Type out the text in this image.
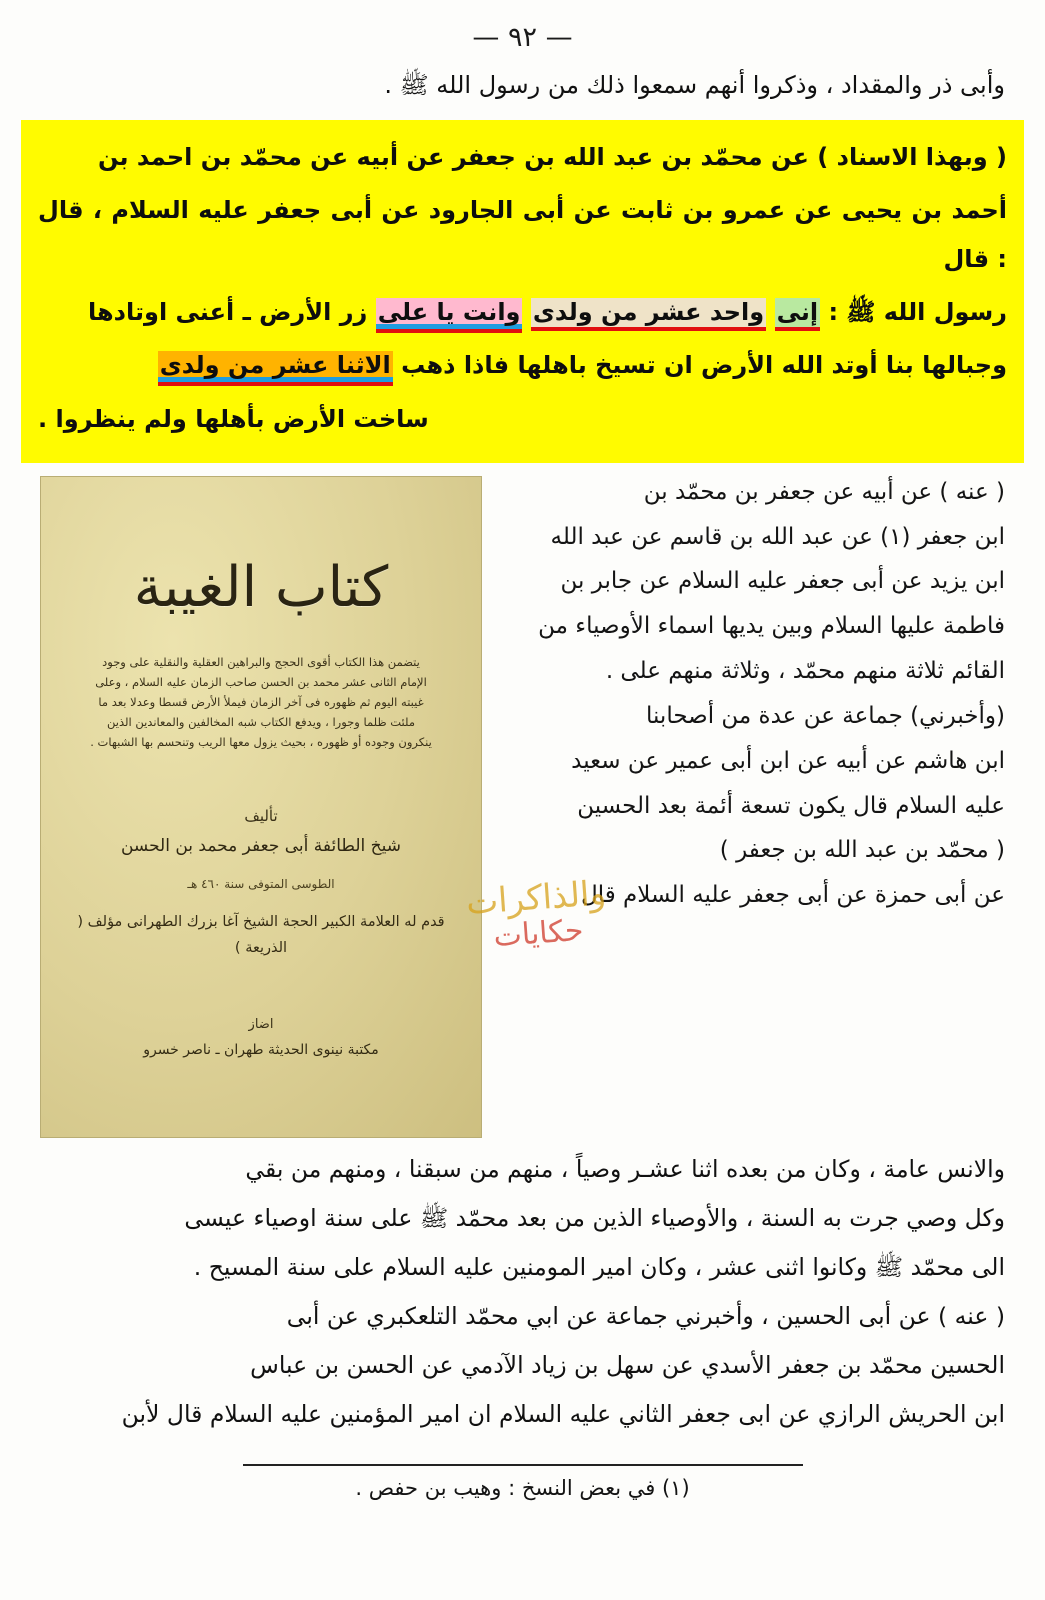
— ٩٢ —
وأبى ذر والمقداد ، وذكروا أنهم سمعوا ذلك من رسول الله ﷺ .

( وبهذا الاسناد ) عن محمّد بن عبد الله بن جعفر عن أبيه عن محمّد بن احمد بن

أحمد بن يحيى عن عمرو بن ثابت عن أبى الجارود عن أبى جعفر عليه السلام ، قال : قال

رسول الله ﷺ : إنى واحد عشر من ولدى وانت يا على زر الأرض ـ أعنى اوتادها

وجبالها بنا أوتد الله الأرض ان تسيخ باهلها فاذا ذهب الاثنا عشر من ولدى

ساخت الأرض بأهلها ولم ينظروا .

كتاب الغيبة
يتضمن هذا الكتاب أقوى الحجج والبراهين العقلية والنقلية على وجود الإمام الثانى عشر محمد بن الحسن صاحب الزمان عليه السلام ، وعلى غيبته اليوم ثم ظهوره فى آخر الزمان فيملأ الأرض قسطا وعدلا بعد ما ملئت ظلما وجورا ، ويدفع الكتاب شبه المخالفين والمعاندين الذين ينكرون وجوده أو ظهوره ، بحيث يزول معها الريب وتنحسم بها الشبهات .
تأليف
شيخ الطائفة أبى جعفر محمد بن الحسن
الطوسى المتوفى سنة ٤٦٠ هـ
قدم له العلامة الكبير الحجة الشيخ آغا بزرك الطهرانى مؤلف ( الذريعة )
اضاز
مكتبة نينوى الحديثة طهران ـ ناصر خسرو

( عنه ) عن أبيه عن جعفر بن محمّد بن

ابن جعفر (١) عن عبد الله بن قاسم عن عبد الله

ابن يزيد عن أبى جعفر عليه السلام عن جابر بن

فاطمة عليها السلام وبين يديها اسماء الأوصياء من

القائم ثلاثة منهم محمّد ، وثلاثة منهم على .

(وأخبرني) جماعة عن عدة من أصحابنا

ابن هاشم عن أبيه عن ابن أبى عمير عن سعيد

عليه السلام قال يكون تسعة أئمة بعد الحسين

( محمّد بن عبد الله بن جعفر )

عن أبى حمزة عن أبى جعفر عليه السلام قال

والذاكرات
حكايات

والانس عامة ، وكان من بعده اثنا عشـر وصياً ، منهم من سبقنا ، ومنهم من بقي

وكل وصي جرت به السنة ، والأوصياء الذين من بعد محمّد ﷺ على سنة اوصياء عيسى

الى محمّد ﷺ وكانوا اثنى عشر ، وكان امير المومنين عليه السلام على سنة المسيح .

( عنه ) عن أبى الحسين ، وأخبرني جماعة عن ابي محمّد التلعكبري عن أبى

الحسين محمّد بن جعفر الأسدي عن سهل بن زياد الآدمي عن الحسن بن عباس

ابن الحريش الرازي عن ابى جعفر الثاني عليه السلام ان امير المؤمنين عليه السلام قال لأبن

(١) في بعض النسخ : وهيب بن حفص .
